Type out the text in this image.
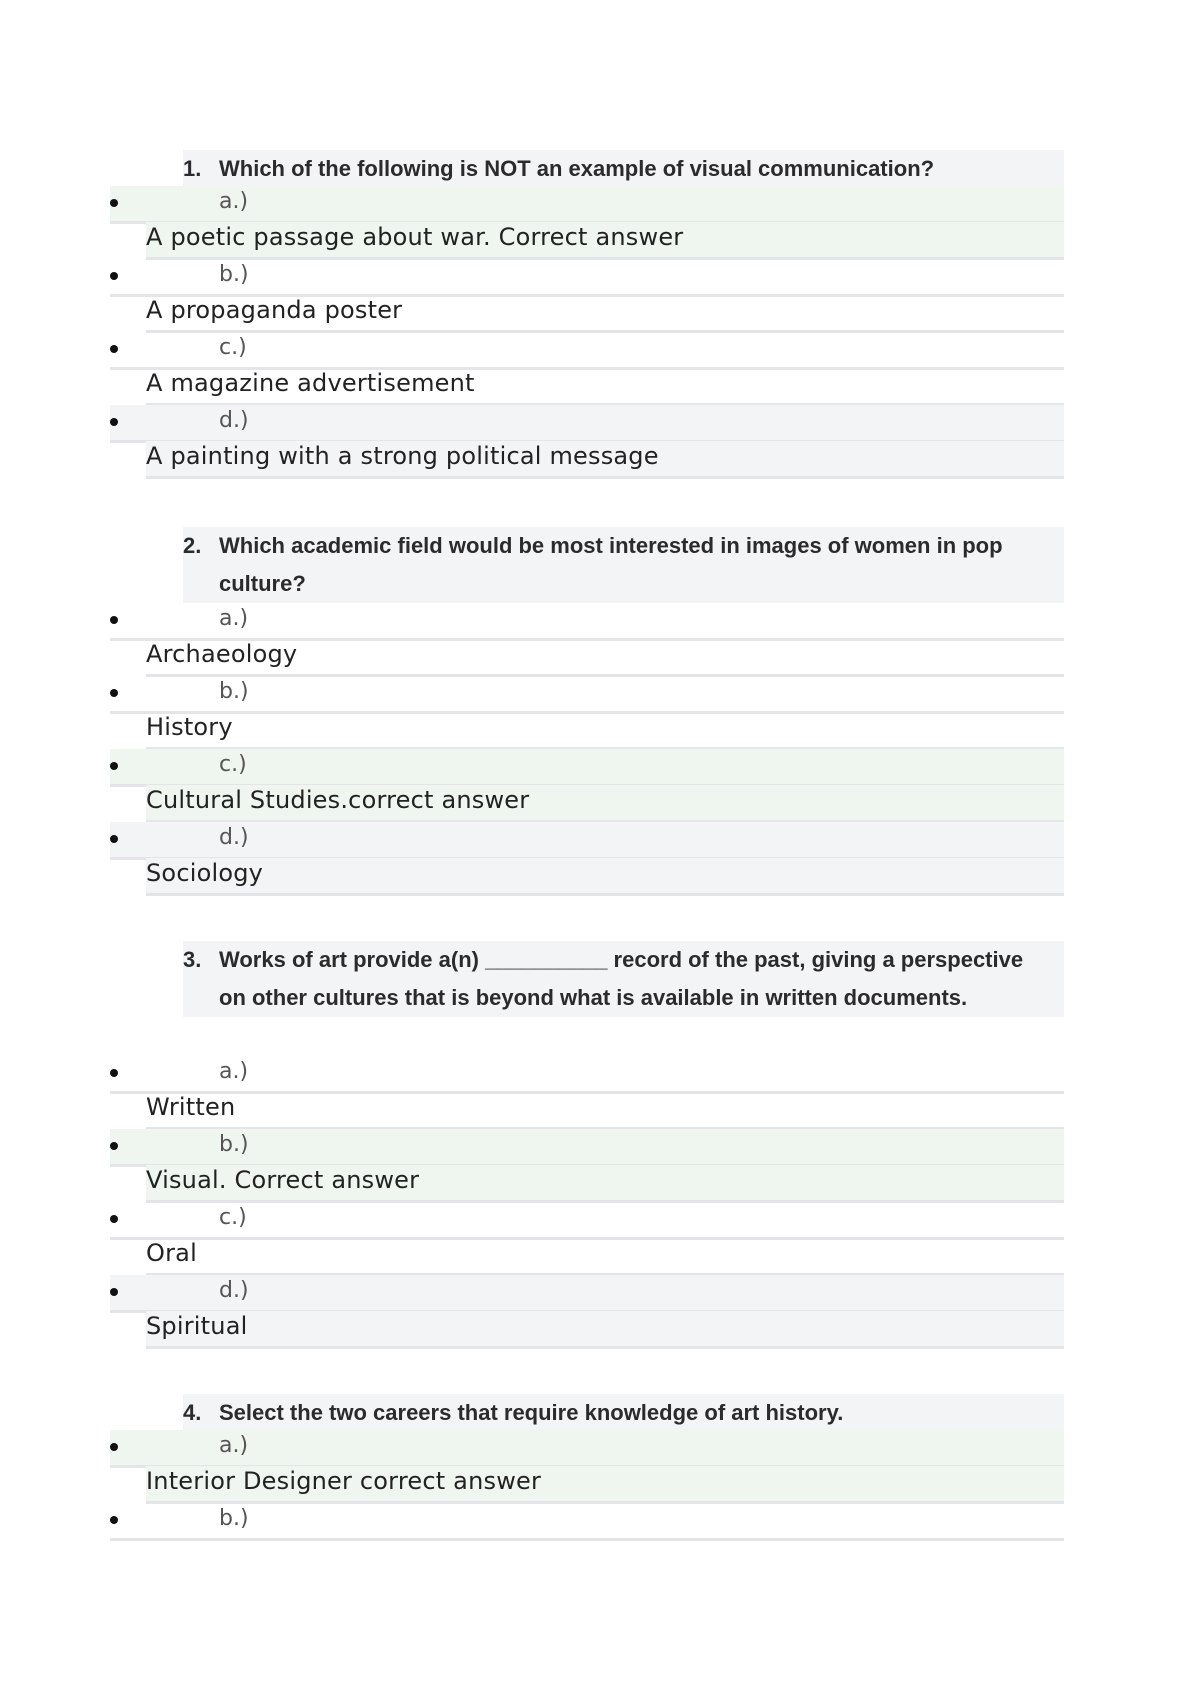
1. Which of the following is NOT an example of visual communication?
a.)
A poetic passage about war. Correct answer
b.)
A propaganda poster
c.)
A magazine advertisement
d.)
A painting with a strong political message
2. Which academic field would be most interested in images of women in pop culture?
a.)
Archaeology
b.)
History
c.)
Cultural Studies.correct answer
d.)
Sociology
3. Works of art provide a(n) __________ record of the past, giving a perspective on other cultures that is beyond what is available in written documents.
a.)
Written
b.)
Visual. Correct answer
c.)
Oral
d.)
Spiritual
4. Select the two careers that require knowledge of art history.
a.)
Interior Designer correct answer
b.)
